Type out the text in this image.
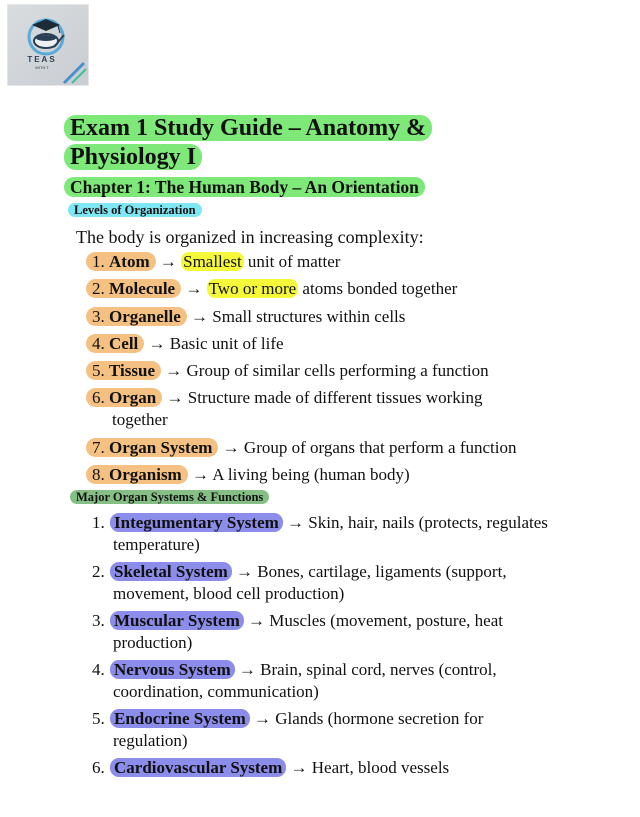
TEAS
WITH T
Exam 1 Study Guide – Anatomy & Physiology I
Chapter 1: The Human Body – An Orientation
Levels of Organization
The body is organized in increasing complexity:
1. Atom → Smallest unit of matter
2. Molecule → Two or more atoms bonded together
3. Organelle → Small structures within cells
4. Cell → Basic unit of life
5. Tissue → Group of similar cells performing a function
6. Organ → Structure made of different tissues working
together
7. Organ System → Group of organs that perform a function
8. Organism → A living being (human body)
Major Organ Systems & Functions
1. Integumentary System → Skin, hair, nails (protects, regulates temperature)
2. Skeletal System → Bones, cartilage, ligaments (support, movement, blood cell production)
3. Muscular System → Muscles (movement, posture, heat production)
4. Nervous System → Brain, spinal cord, nerves (control, coordination, communication)
5. Endocrine System → Glands (hormone secretion for regulation)
6. Cardiovascular System → Heart, blood vessels
